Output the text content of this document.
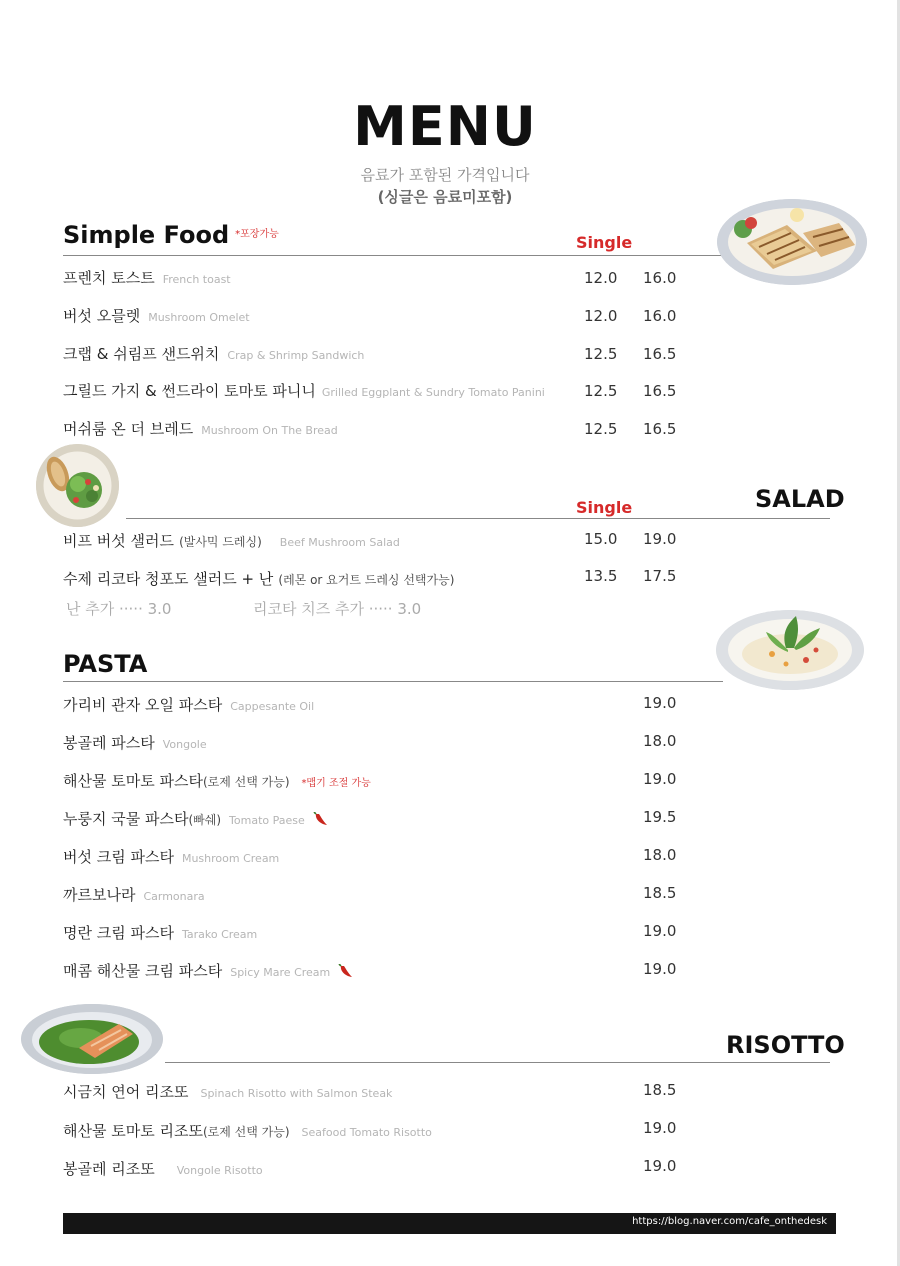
MENU
음료가 포함된 가격입니다
(싱글은 음료미포함)
Simple Food $^{*포장가능}$	Single
프렌치 토스트 French toast	12.0 16.0
버섯 오믈렛 Mushroom Omelet	12.0 16.0
크랩 & 쉬림프 샌드위치 Crap & Shrimp Sandwich	12.5 16.5
그릴드 가지 & 썬드라이 토마토 파니니 Grilled Eggplant & Sundry Tomato Panini	12.5 16.5
머쉬룸 온 더 브레드 Mushroom On The Bread	12.5 16.5
SALAD
Single
비프 버섯 샐러드 (발사믹 드레싱) Beef Mushroom Salad	15.0 19.0
수제 리코타 청포도 샐러드 + 난 (레몬 or 요거트 드레싱 선택가능)	13.5 17.5
난 추가 ····· 3.0	리코타 치즈 추가 ····· 3.0
PASTA
가리비 관자 오일 파스타 Cappesante Oil	19.0
봉골레 파스타 Vongole	18.0
해산물 토마토 파스타(로제 선택 가능) *맵기 조절 가능	19.0
누룽지 국물 파스타(빠쉐) Tomato Paese	19.5
버섯 크림 파스타 Mushroom Cream	18.0
까르보나라 Carmonara	18.5
명란 크림 파스타 Tarako Cream	19.0
매콤 해산물 크림 파스타 Spicy Mare Cream	19.0
RISOTTO
시금치 연어 리조또 Spinach Risotto with Salmon Steak	18.5
해산물 토마토 리조또(로제 선택 가능) Seafood Tomato Risotto	19.0
봉골레 리조또 Vongole Risotto	19.0
https://blog.naver.com/cafe_onthedesk
